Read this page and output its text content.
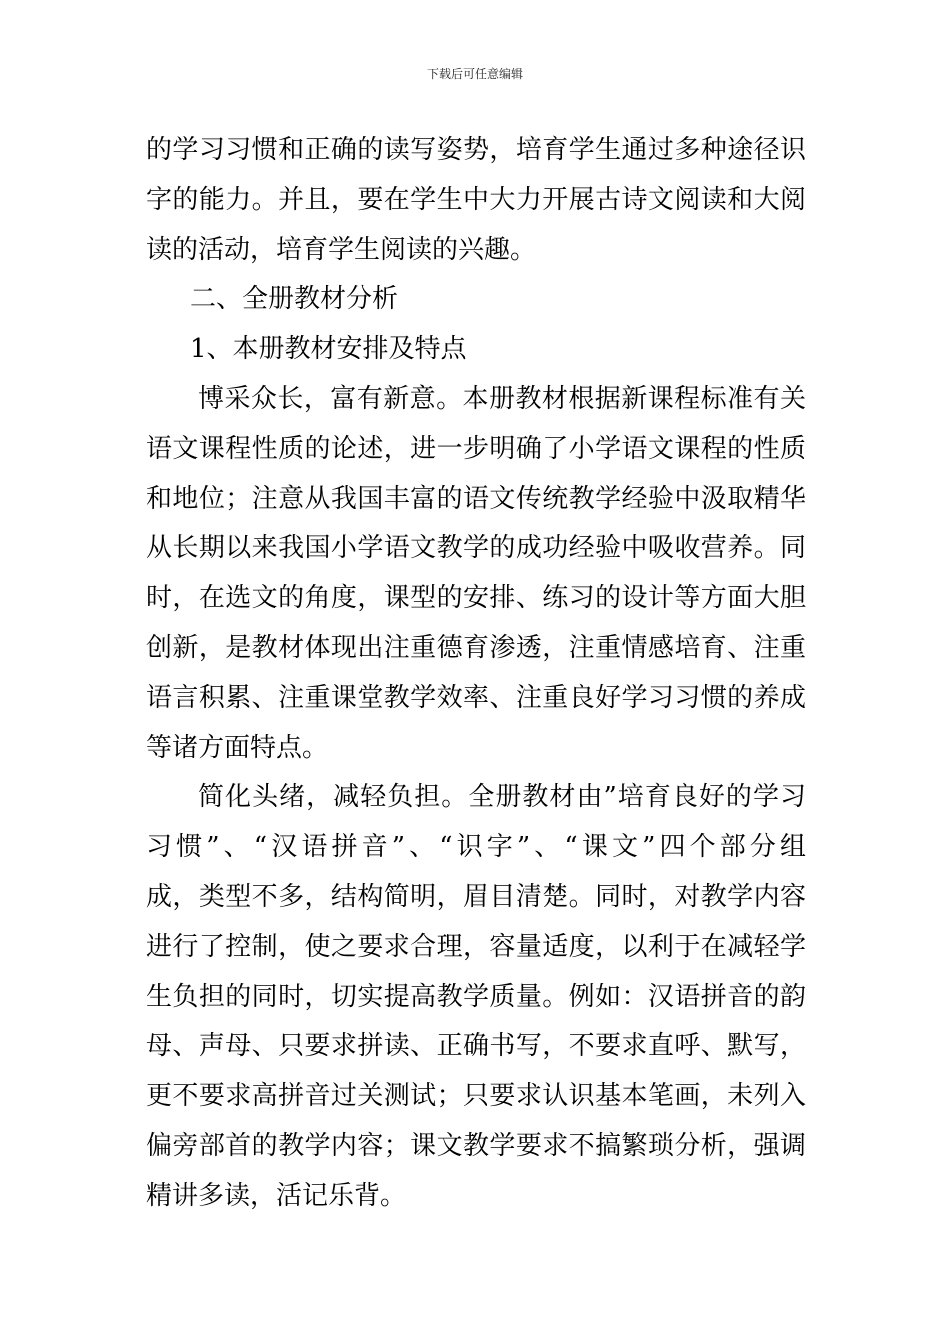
下载后可任意编辑
的学习习惯和正确的读写姿势，培育学生通过多种途径识
字的能力。并且，要在学生中大力开展古诗文阅读和大阅
读的活动，培育学生阅读的兴趣。
二、全册教材分析
1、本册教材安排及特点
博采众长，富有新意。本册教材根据新课程标准有关
语文课程性质的论述，进一步明确了小学语文课程的性质
和地位；注意从我国丰富的语文传统教学经验中汲取精华
从长期以来我国小学语文教学的成功经验中吸收营养。同
时，在选文的角度，课型的安排、练习的设计等方面大胆
创新，是教材体现出注重德育渗透，注重情感培育、注重
语言积累、注重课堂教学效率、注重良好学习习惯的养成
等诸方面特点。
简化头绪，减轻负担。全册教材由”培育良好的学习
习惯”、“汉语拼音”、“识字”、“课文”四个部分组
成，类型不多，结构简明，眉目清楚。同时，对教学内容
进行了控制，使之要求合理，容量适度，以利于在减轻学
生负担的同时，切实提高教学质量。例如：汉语拼音的韵
母、声母、只要求拼读、正确书写，不要求直呼、默写，
更不要求高拼音过关测试；只要求认识基本笔画，未列入
偏旁部首的教学内容；课文教学要求不搞繁琐分析，强调
精讲多读，活记乐背。
